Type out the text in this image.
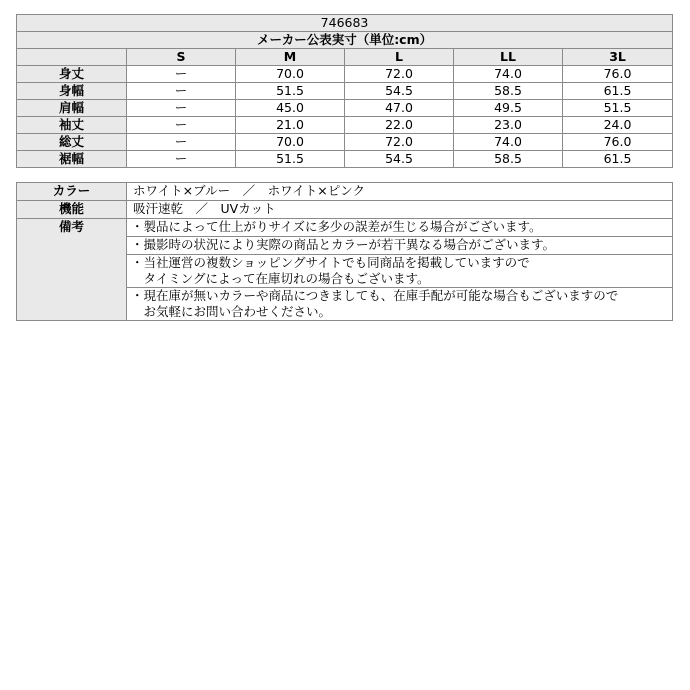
746683					
メーカー公表実寸（単位:cm）					
	S	M	L	LL	3L
身丈	ー	70.0	72.0	74.0	76.0
身幅	ー	51.5	54.5	58.5	61.5
肩幅	ー	45.0	47.0	49.5	51.5
袖丈	ー	21.0	22.0	23.0	24.0
総丈	ー	70.0	72.0	74.0	76.0
裾幅	ー	51.5	54.5	58.5	61.5
カラー	ホワイト×ブルー　／　ホワイト×ピンク
機能	吸汗速乾　／　UVカット
備考	・製品によって仕上がりサイズに多少の誤差が生じる場合がございます。

	・撮影時の状況により実際の商品とカラーが若干異なる場合がございます。

	・当社運営の複数ショッピングサイトでも同商品を掲載していますので
　タイミングによって在庫切れの場合もございます。

	・現在庫が無いカラーや商品につきましても、在庫手配が可能な場合もございますので
　お気軽にお問い合わせください。
